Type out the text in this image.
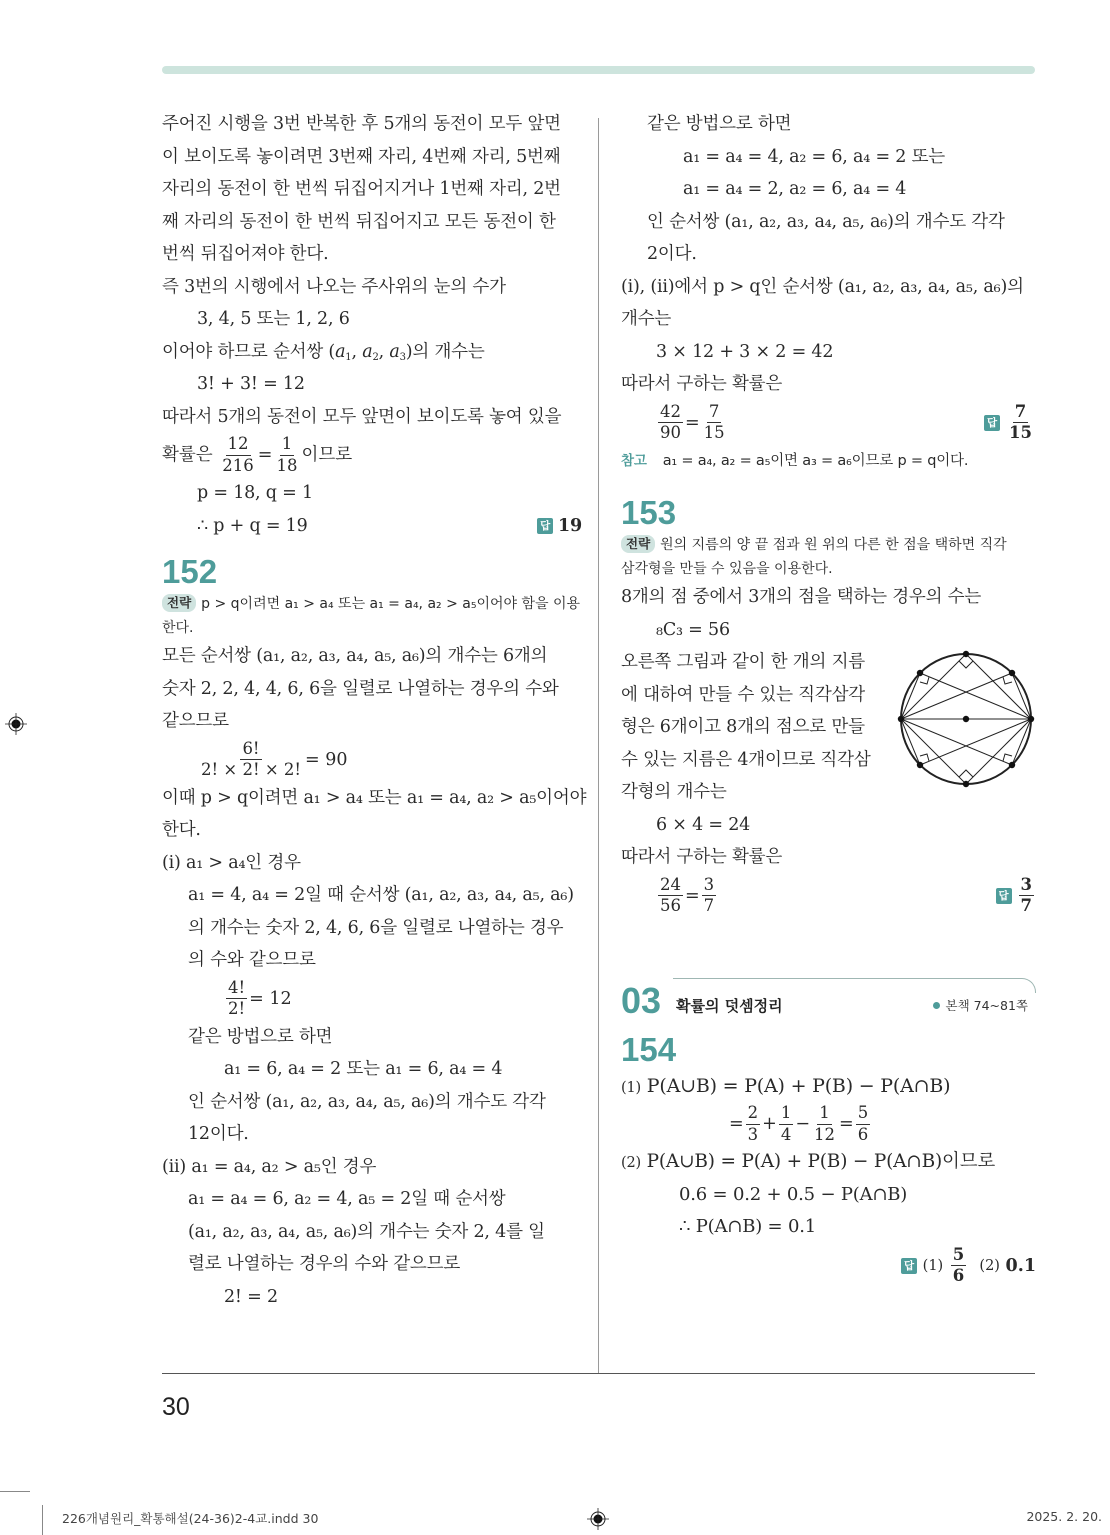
주어진 시행을 3번 반복한 후 5개의 동전이 모두 앞면
이 보이도록 놓이려면 3번째 자리, 4번째 자리, 5번째
자리의 동전이 한 번씩 뒤집어지거나 1번째 자리, 2번
째 자리의 동전이 한 번씩 뒤집어지고 모든 동전이 한
번씩 뒤집어져야 한다.
즉 3번의 시행에서 나오는 주사위의 눈의 수가
3, 4, 5 또는 1, 2, 6
이어야 하므로 순서쌍 ($a_1$, $a_2$, $a_3$)의 개수는
3! + 3! = 12
따라서 5개의 동전이 모두 앞면이 보이도록 놓여 있을
확률은
$\frac{12}{216} = \frac{1}{18}$ 이므로
p = 18, q = 1
∴ p + q = 19	답 19
152
전략 p > q이려면 a₁ > a₄ 또는 a₁ = a₄, a₂ > a₅이어야 함을 이용
한다.
모든 순서쌍 (a₁, a₂, a₃, a₄, a₅, a₆)의 개수는 6개의
숫자 2, 2, 4, 4, 6, 6을 일렬로 나열하는 경우의 수와
같으므로
$\frac{6!}{2! \times 2! \times 2!} = 90$
이때 p > q이려면 a₁ > a₄ 또는 a₁ = a₄, a₂ > a₅이어야
한다.
(i) a₁ > a₄인 경우
a₁ = 4, a₄ = 2일 때 순서쌍 (a₁, a₂, a₃, a₄, a₅, a₆)
의 개수는 숫자 2, 4, 6, 6을 일렬로 나열하는 경우
의 수와 같으므로
$\frac{4!}{2!} = 12$
같은 방법으로 하면
a₁ = 6, a₄ = 2 또는 a₁ = 6, a₄ = 4
인 순서쌍 (a₁, a₂, a₃, a₄, a₅, a₆)의 개수도 각각
12이다.
(ii) a₁ = a₄, a₂ > a₅인 경우
a₁ = a₄ = 6, a₂ = 4, a₅ = 2일 때 순서쌍
(a₁, a₂, a₃, a₄, a₅, a₆)의 개수는 숫자 2, 4를 일
렬로 나열하는 경우의 수와 같으므로
2! = 2
같은 방법으로 하면
a₁ = a₄ = 4, a₂ = 6, a₄ = 2 또는
a₁ = a₄ = 2, a₂ = 6, a₄ = 4
인 순서쌍 (a₁, a₂, a₃, a₄, a₅, a₆)의 개수도 각각
2이다.
(i), (ii)에서 p > q인 순서쌍 (a₁, a₂, a₃, a₄, a₅, a₆)의
개수는
3 × 12 + 3 × 2 = 42
따라서 구하는 확률은
$\frac{42}{90} = \frac{7}{15}$	답 $\frac{7}{15}$
참고 a₁ = a₄, a₂ = a₅이면 a₃ = a₆이므로 p = q이다.
153
전략 원의 지름의 양 끝 점과 원 위의 다른 한 점을 택하면 직각
삼각형을 만들 수 있음을 이용한다.
8개의 점 중에서 3개의 점을 택하는 경우의 수는
₈C₃ = 56
오른쪽 그림과 같이 한 개의 지름
에 대하여 만들 수 있는 직각삼각
형은 6개이고 8개의 점으로 만들
수 있는 지름은 4개이므로 직각삼
각형의 개수는
6 × 4 = 24
따라서 구하는 확률은
$\frac{24}{56} = \frac{3}{7}$	답 $\frac{3}{7}$
03 확률의 덧셈정리	본책 74~81쪽
154
(1) P(A∪B) = P(A) + P(B) − P(A∩B)
= $\frac{2}{3} + \frac{1}{4} - \frac{1}{12} = \frac{5}{6}$
(2) P(A∪B) = P(A) + P(B) − P(A∩B)이므로
0.6 = 0.2 + 0.5 − P(A∩B)
∴ P(A∩B) = 0.1
답
(1)
$\frac{5}{6}$
(2)
0.1
30
226개념원리_확통해설(24-36)2-4교.indd 30	2025. 2. 20.
